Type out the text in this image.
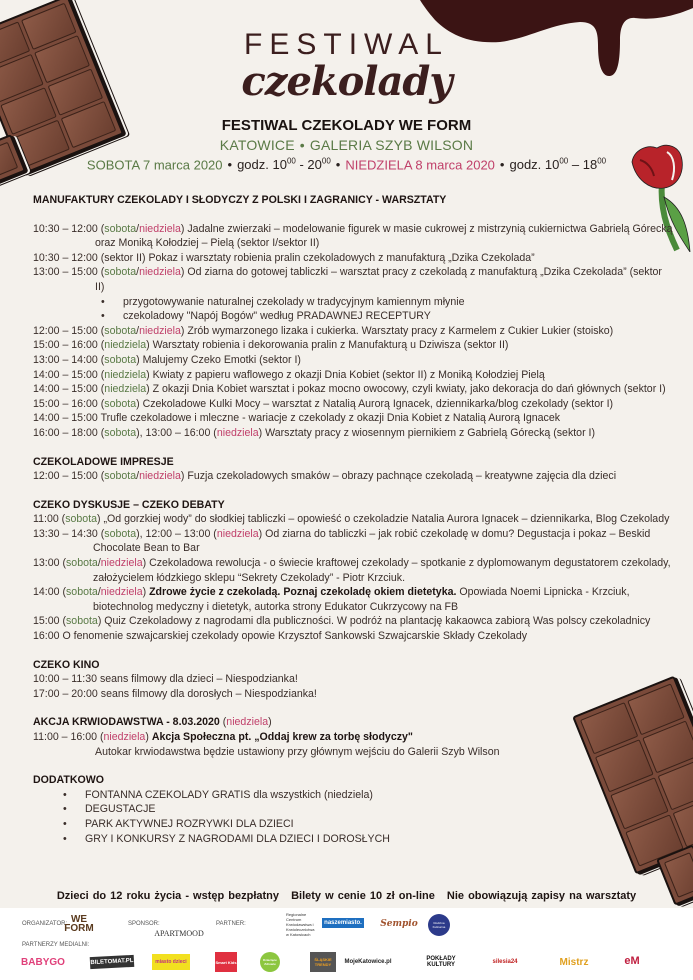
FESTIWAL
czekolady
FESTIWAL CZEKOLADY WE FORM
KATOWICE • GALERIA SZYB WILSON
SOBOTA 7 marca 2020 • godz. $10^{00} - 20^{00}$ • NIEDZIELA 8 marca 2020 • godz. $10^{00} - 18^{00}$
MANUFAKTURY CZEKOLADY I SŁODYCZY Z POLSKI I ZAGRANICY - WARSZTATY
10:30 – 12:00 (sobota/niedziela) Jadalne zwierzaki – modelowanie figurek w masie cukrowej z mistrzynią cukiernictwa Gabrielą Górecką oraz Moniką Kołodziej – Pielą (sektor I/sektor II)
10:30 – 12:00 (sektor II) Pokaz i warsztaty robienia pralin czekoladowych z manufakturą „Dzika Czekolada”
13:00 – 15:00 (sobota/niedziela) Od ziarna do gotowej tabliczki – warsztat pracy z czekoladą z manufakturą „Dzika Czekolada” (sektor II)
• przygotowywanie naturalnej czekolady w tradycyjnym kamiennym młynie
• czekoladowy "Napój Bogów" według PRADAWNEJ RECEPTURY
12:00 – 15:00 (sobota/niedziela) Zrób wymarzonego lizaka i cukierka. Warsztaty pracy z Karmelem z Cukier Lukier (stoisko)
15:00 – 16:00 (niedziela) Warsztaty robienia i dekorowania pralin z Manufakturą u Dziwisza (sektor II)
13:00 – 14:00 (sobota) Malujemy Czeko Emotki (sektor I)
14:00 – 15:00 (niedziela) Kwiaty z papieru waflowego z okazji Dnia Kobiet (sektor II) z Moniką Kołodziej Pielą
14:00 – 15:00 (niedziela) Z okazji Dnia Kobiet warsztat i pokaz mocno owocowy, czyli kwiaty, jako dekoracja do dań głównych (sektor I)
15:00 – 16:00 (sobota) Czekoladowe Kulki Mocy – warsztat z Natalią Aurorą Ignacek, dziennikarka/blog czekolady (sektor I)
14:00 – 15:00 Trufle czekoladowe i mleczne - wariacje z czekolady z okazji Dnia Kobiet z Natalią Aurorą Ignacek
16:00 – 18:00 (sobota), 13:00 – 16:00 (niedziela) Warsztaty pracy z wiosennym piernikiem z Gabrielą Górecką (sektor I)
CZEKOLADOWE IMPRESJE
12:00 – 15:00 (sobota/niedziela) Fuzja czekoladowych smaków – obrazy pachnące czekoladą – kreatywne zajęcia dla dzieci
CZEKO DYSKUSJE – CZEKO DEBATY
11:00 (sobota) „Od gorzkiej wody” do słodkiej tabliczki – opowieść o czekoladzie Natalia Aurora Ignacek – dziennikarka, Blog Czekolady
13:30 – 14:30 (sobota), 12:00 – 13:00 (niedziela) Od ziarna do tabliczki – jak robić czekoladę w domu? Degustacja i pokaz – Beskid Chocolate Bean to Bar
13:00 (sobota/niedziela) Czekoladowa rewolucja - o świecie kraftowej czekolady – spotkanie z dyplomowanym degustatorem czekolady, założycielem łódzkiego sklepu “Sekrety Czekolady” - Piotr Krzciuk.
14:00 (sobota/niedziela) Zdrowe życie z czekoladą. Poznaj czekoladę okiem dietetyka. Opowiada Noemi Lipnicka - Krzciuk, biotechnolog medyczny i dietetyk, autorka strony Edukator Cukrzycowy na FB
15:00 (sobota) Quiz Czekoladowy z nagrodami dla publiczności. W podróż na plantację kakaowca zabiorą Was polscy czekoladnicy
16:00 O fenomenie szwajcarskiej czekolady opowie Krzysztof Sankowski Szwajcarskie Składy Czekolady
CZEKO KINO
10:00 – 11:30 seans filmowy dla dzieci – Niespodzianka!
17:00 – 20:00 seans filmowy dla dorosłych – Niespodzianka!
AKCJA KRWIODAWSTWA - 8.03.2020 (niedziela)
11:00 – 16:00 (niedziela) Akcja Społeczna pt. „Oddaj krew za torbę słodyczy"
Autokar krwiodawstwa będzie ustawiony przy głównym wejściu do Galerii Szyb Wilson
DODATKOWO
• FONTANNA CZEKOLADY GRATIS dla wszystkich (niedziela)
• DEGUSTACJE
• PARK AKTYWNEJ ROZRYWKI DLA DZIECI
• GRY I KONKURSY Z NAGRODAMI DLA DZIECI I DOROSŁYCH
Dzieci do 12 roku życia - wstęp bezpłatny Bilety w cenie 10 zł on-line Nie obowiązują zapisy na warsztaty
ORGANIZATOR: WE FORM	SPONSOR:
APARTMOOD
PARTNER:
Regionalne Centrum Krwiodawstwa i Krwiolecznictwa w Katowicach
naszemiasto. Sempio	Rodzina Kulinarna
PARTNERZY MEDIALNI:
BABYGO	BILETOMAT.PL	miasto dzieci	Smart Kids	Dziecięce Zdrowie
ŚLĄSKIE TRENDY	MojeKatowice.pl	POKŁADY KULTURY	silesia24	Mistrz	eM
